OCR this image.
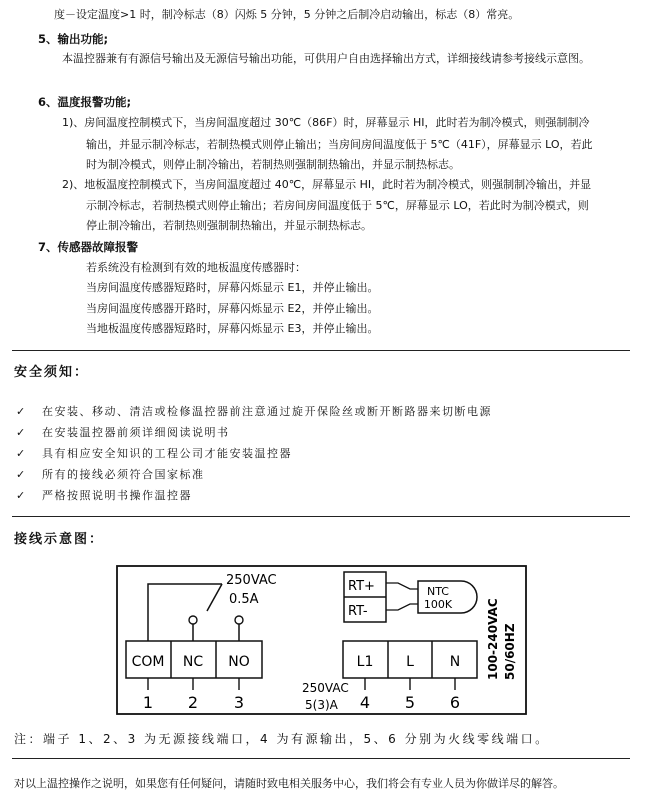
度－设定温度>1 时，制冷标志（8）闪烁 5 分钟，5 分钟之后制冷启动输出，标志（8）常亮。
5、输出功能;
本温控器兼有有源信号输出及无源信号输出功能，可供用户自由选择输出方式，详细接线请参考接线示意图。
6、温度报警功能;
1)、房间温度控制模式下，当房间温度超过 30℃（86F）时，屏幕显示 HI，此时若为制冷模式，则强制制冷
输出，并显示制冷标志，若制热模式则停止输出；当房间房间温度低于 5℃（41F），屏幕显示 LO，若此
时为制冷模式，则停止制冷输出，若制热则强制制热输出，并显示制热标志。
2)、地板温度控制模式下，当房间温度超过 40℃，屏幕显示 HI，此时若为制冷模式，则强制制冷输出，并显
示制冷标志，若制热模式则停止输出；若房间房间温度低于 5℃，屏幕显示 LO，若此时为制冷模式，则
停止制冷输出，若制热则强制制热输出，并显示制热标志。
7、传感器故障报警
若系统没有检测到有效的地板温度传感器时：
当房间温度传感器短路时，屏幕闪烁显示 E1，并停止输出。
当房间温度传感器开路时，屏幕闪烁显示 E2，并停止输出。
当地板温度传感器短路时，屏幕闪烁显示 E3，并停止输出。
安全须知：
✓ 在安装、移动、清洁或检修温控器前注意通过旋开保险丝或断开断路器来切断电源
✓ 在安装温控器前须详细阅读说明书
✓ 具有相应安全知识的工程公司才能安装温控器
✓ 所有的接线必须符合国家标准
✓ 严格按照说明书操作温控器
接线示意图：
COM NC NO
250VAC
0.5A
L1 L	N
1 2 3	4 5 6
250VAC
5(3)A
RT+
RT-
NTC
100K	100-240VAC 50/60HZ
注：端子 1、2、3 为无源接线端口，4 为有源输出，5、6 分别为火线零线端口。
对以上温控操作之说明，如果您有任何疑问，请随时致电相关服务中心，我们将会有专业人员为你做详尽的解答。
